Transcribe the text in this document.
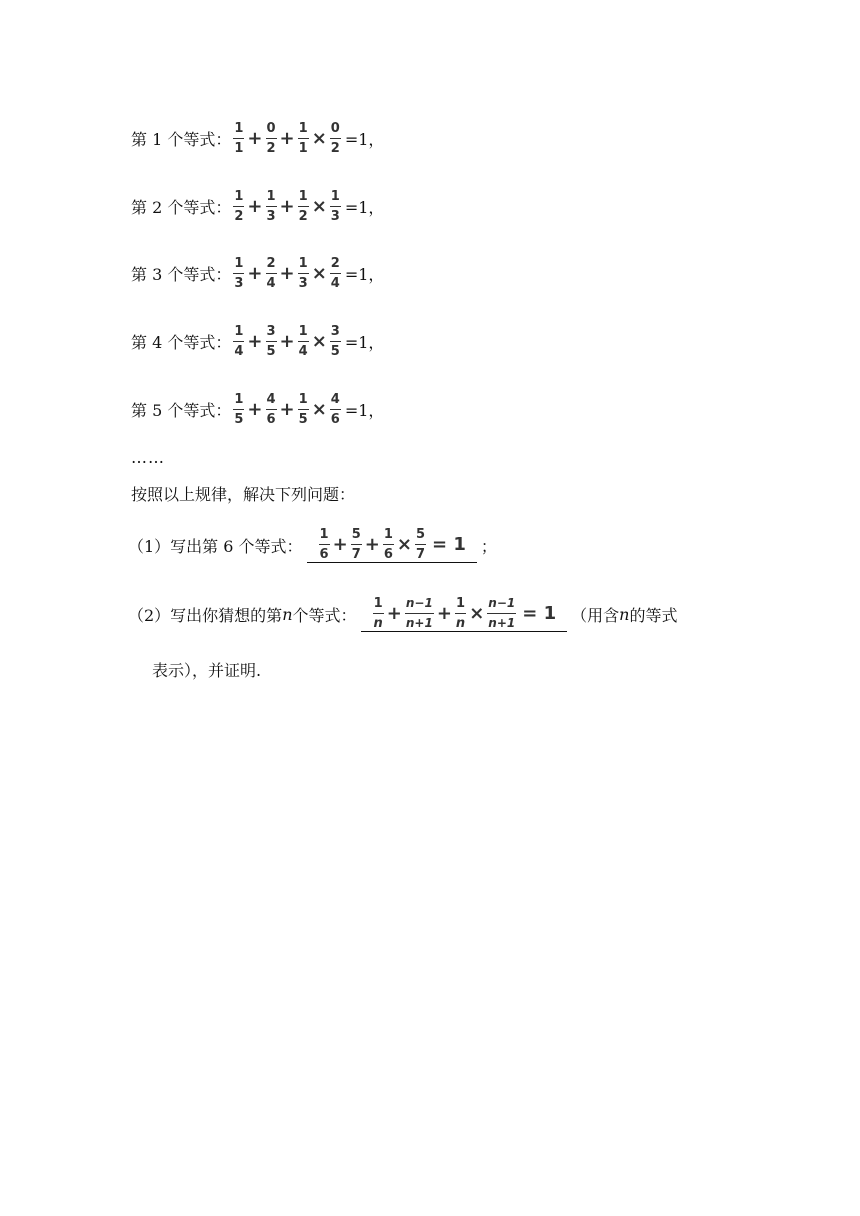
第 1 个等式： $\frac{1}{1} + \frac{0}{2} + \frac{1}{1} \times \frac{0}{2} =1$，
第 2 个等式： $\frac{1}{2} + \frac{1}{3} + \frac{1}{2} \times \frac{1}{3} =1$，
第 3 个等式： $\frac{1}{3} + \frac{2}{4} + \frac{1}{3} \times \frac{2}{4} =1$，
第 4 个等式： $\frac{1}{4} + \frac{3}{5} + \frac{1}{4} \times \frac{3}{5} =1$，
第 5 个等式： $\frac{1}{5} + \frac{4}{6} + \frac{1}{5} \times \frac{4}{6} =1$，
……
按照以上规律，解决下列问题：
（1）写出第 6 个等式： $\frac{1}{6} + \frac{5}{7} + \frac{1}{6} \times \frac{5}{7} = 1$ ；
（2）写出你猜想的第 n 个等式： $\frac{1}{n} + \frac{n-1}{n+1} + \frac{1}{n} \times \frac{n-1}{n+1} = 1$ （用含 n 的等式
表示），并证明.
